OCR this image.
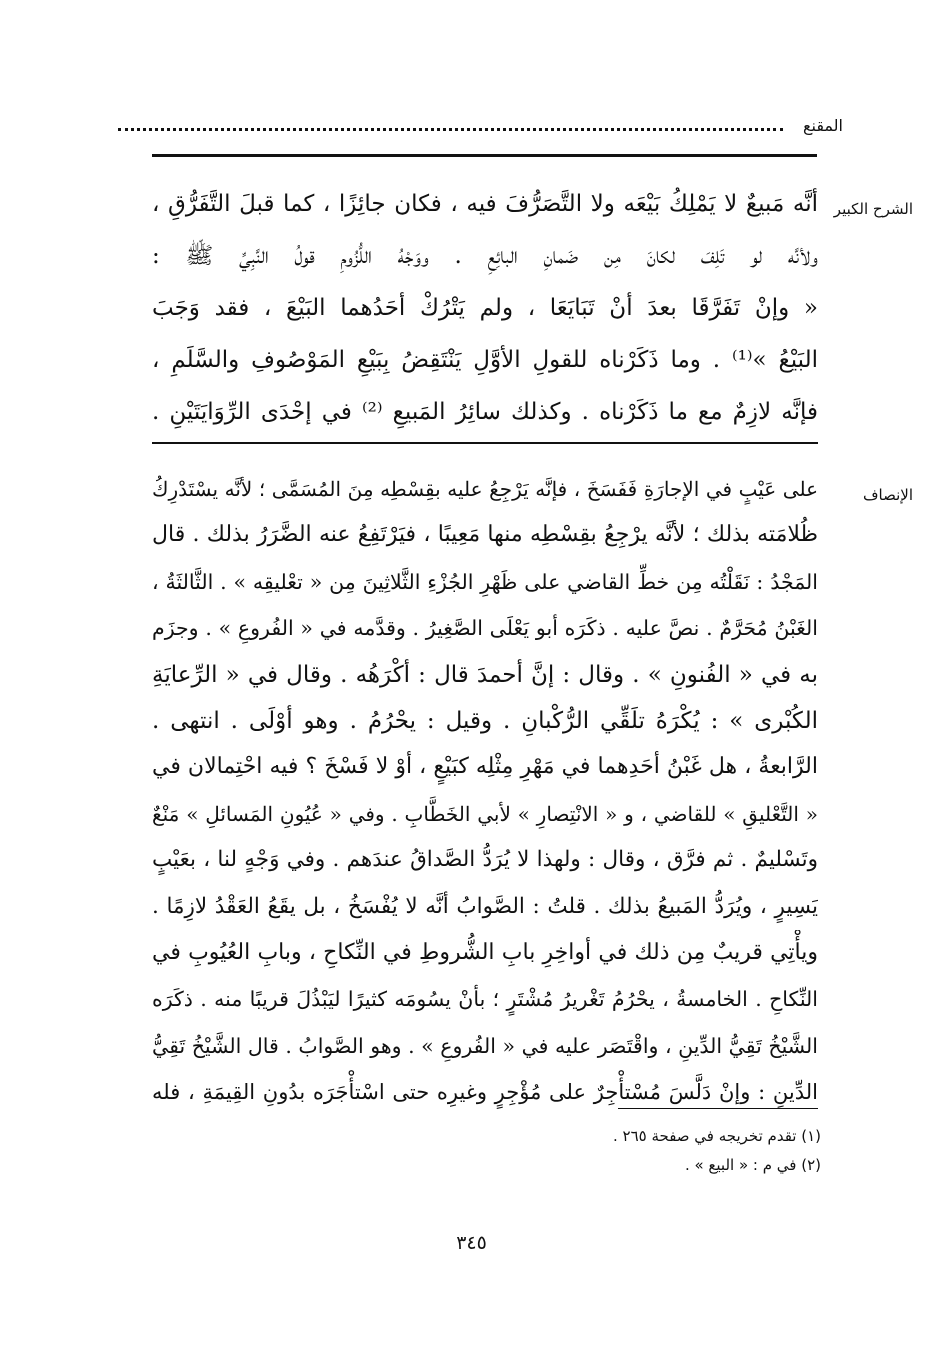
المقنع
الشرح الكبير

أنَّه مَبيعٌ لا يَمْلِكُ بَيْعَه ولا التَّصَرُّفَ فيه ، فكان جائِزًا ، كما قبلَ التَّفَرُّقِ ،

ولأنَّه لو تَلِفَ لكانَ مِن ضَمانِ البائِعِ . ووَجْهُ اللُّزُومِ قولُ النَّبِيِّ ﷺ :

« وإنْ تَفَرَّقَا بعدَ أنْ تَبَايَعَا ، ولم يَتْرُكْ أحَدُهما البَيْعَ ، فقد وَجَبَ

البَيْعُ »⁽¹⁾ . وما ذَكَرْناه للقولِ الأوَّلِ يَنْتَقِضُ بِبَيْعِ المَوْصُوفِ والسَّلَمِ ،

فإنَّه لازِمٌ مع ما ذَكَرْناه . وكذلك سائِرُ المَبيعِ ⁽²⁾ في إحْدَى الرِّوَايَتَيْنِ .

الإنصاف

على عَيْبٍ في الإجارَةِ فَفَسَخَ ، فإنَّه يَرْجِعُ عليه بقِسْطِه مِنَ المُسَمَّى ؛ لأنَّه يسْتَدْرِكُ

ظُلامَته بذلك ؛ لأنَّه يرْجِعُ بقِسْطِه منها مَعِيبًا ، فيَرْتَفِعُ عنه الضَّرَرُ بذلك . قال

المَجْدُ : نَقَلْتُه مِن خطِّ القاضي على ظَهْرِ الجُزْءِ الثَّلاثِينَ مِن « تعْليقِه » . الثَّالثَةُ ،

الغَبْنُ مُحَرَّمٌ . نصَّ عليه . ذكَرَه أبو يَعْلَى الصَّغِيرُ . وقدَّمه في « الفُروعِ » . وجزَم

به في « الفُنونِ » . وقال : إنَّ أحمدَ قال : أكْرَهُه . وقال في « الرِّعايَةِ

الكُبْرى » : يُكْرَهُ تلَقِّي الرُّكْبانِ . وقيل : يحْرُمُ . وهو أوْلَى . انتهى .

الرَّابعةُ ، هل غَبْنُ أحَدِهما في مَهْرِ مِثْلِه كبَيْعٍ ، أوْ لا فَسْخَ ؟ فيه احْتِمالان في

« التَّعْليقِ » للقاضي ، و « الانْتِصارِ » لأبي الخَطَّابِ . وفي « عُيُونِ المَسائلِ » مَنْعٌ

وتَسْليمٌ . ثم فرَّق ، وقال : ولهذا لا يُرَدُّ الصَّداقُ عندَهم . وفي وَجْهٍ لنا ، بعَيْبٍ

يَسِيرٍ ، ويُرَدُّ المَبيعُ بذلك . قلتُ : الصَّوابُ أنَّه لا يُفْسَخُ ، بل يقَعُ العَقْدُ لازِمًا .

ويأْتِي قريبٌ مِن ذلك في أواخِرِ بابِ الشُّروطِ في النِّكاحِ ، وبابِ العُيُوبِ في

النِّكاحِ . الخامسةُ ، يحْرُمُ تَغْريرُ مُشْتَرٍ ؛ بأنْ يسُومَه كثيرًا ليَبْذُلَ قريبًا منه . ذكَرَه

الشَّيْخُ تَقِيُّ الدِّينِ ، واقْتَصَر عليه في « الفُروعِ » . وهو الصَّوابُ . قال الشَّيْخُ تَقِيُّ

الدِّينِ : وإنْ دَلَّسَ مُسْتأْجِرٌ على مُؤْجِرٍ وغيرِه حتى اسْتأْجَرَه بدُونِ القِيمَةِ ، فله

(١) تقدم تخريجه في صفحة ٢٦٥ .

(٢) في م : « البيع » .

٣٤٥
